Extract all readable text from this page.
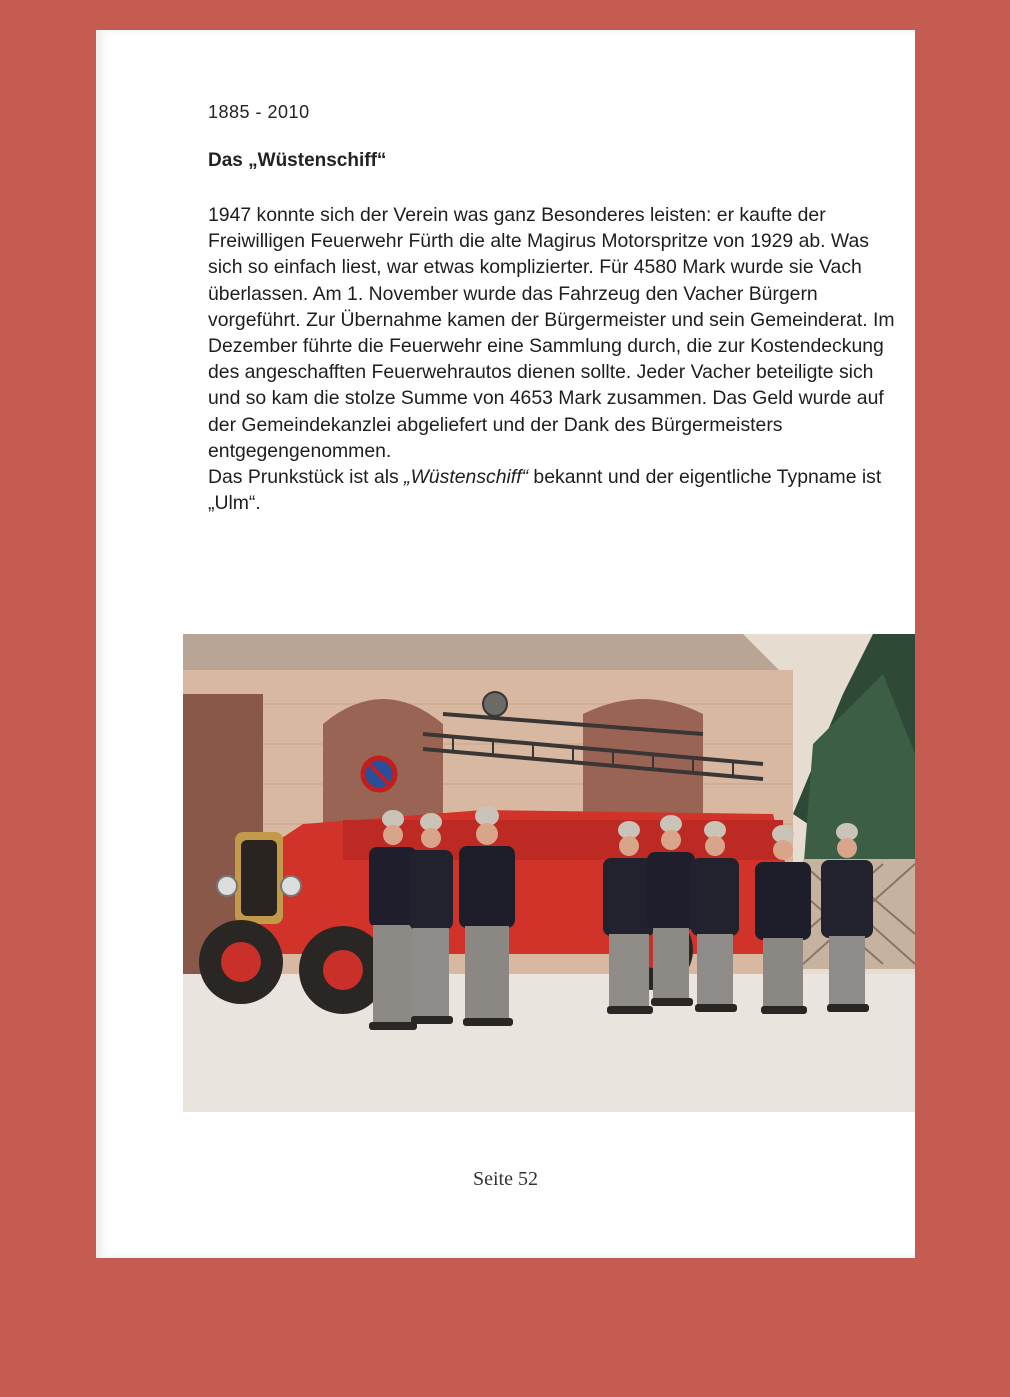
1885 - 2010
Das „Wüstenschiff“

1947 konnte sich der Verein was ganz Besonderes leisten: er kaufte der Freiwilligen Feuerwehr Fürth die alte Magirus Motorspritze von 1929 ab. Was sich so einfach liest, war etwas komplizierter. Für 4580 Mark wurde sie Vach überlassen. Am 1. November wurde das Fahrzeug den Vacher Bürgern vorgeführt. Zur Übernahme kamen der Bürgermeister und sein Gemeinderat. Im Dezember führte die Feuerwehr eine Sammlung durch, die zur Kostendeckung des angeschafften Feuerwehrautos dienen sollte. Jeder Vacher beteiligte sich und so kam die stolze Summe von 4653 Mark zusammen. Das Geld wurde auf der Gemeindekanzlei abgeliefert und der Dank des Bürgermeisters entgegengenommen.

Das Prunkstück ist als „Wüstenschiff“ bekannt und der eigentliche Typname ist „Ulm“.

Seite 52
